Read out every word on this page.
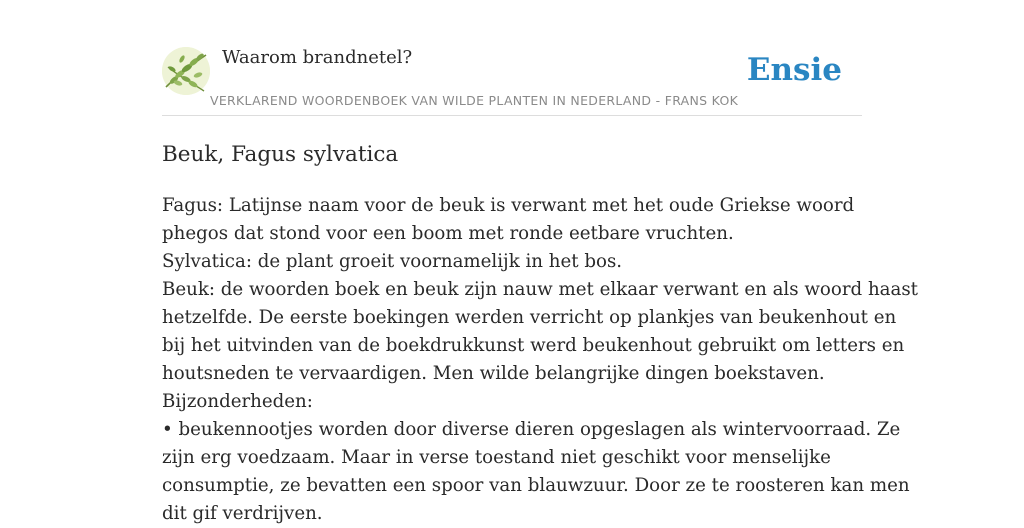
Waarom brandnetel?
VERKLAREND WOORDENBOEK VAN WILDE PLANTEN IN NEDERLAND - FRANS KOK
Ensie
Beuk, Fagus sylvatica

Fagus: Latijnse naam voor de beuk is verwant met het oude Griekse woord

phegos dat stond voor een boom met ronde eetbare vruchten.

Sylvatica: de plant groeit voornamelijk in het bos.

Beuk: de woorden boek en beuk zijn nauw met elkaar verwant en als woord haast

hetzelfde. De eerste boekingen werden verricht op plankjes van beukenhout en

bij het uitvinden van de boekdrukkunst werd beukenhout gebruikt om letters en

houtsneden te vervaardigen. Men wilde belangrijke dingen boekstaven.

Bijzonderheden:

• beukennootjes worden door diverse dieren opgeslagen als wintervoorraad. Ze

zijn erg voedzaam. Maar in verse toestand niet geschikt voor menselijke

consumptie, ze bevatten een spoor van blauwzuur. Door ze te roosteren kan men

dit gif verdrijven.
